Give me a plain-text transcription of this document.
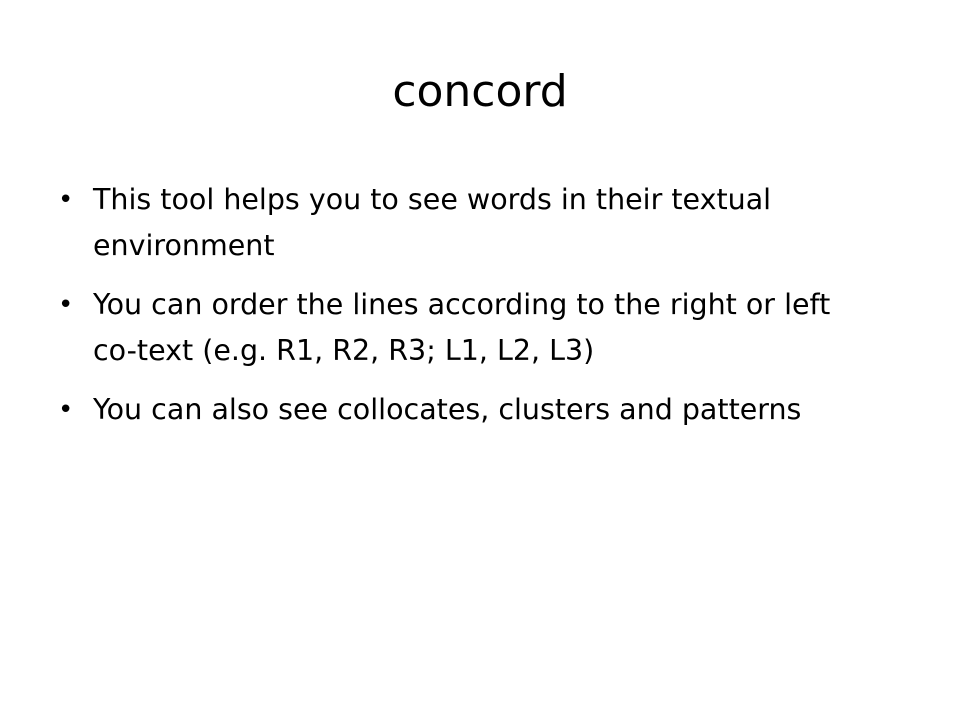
concord
• This tool helps you to see words in their textual environment
• You can order the lines according to the right or left co-text (e.g. R1, R2, R3; L1, L2, L3)
• You can also see collocates, clusters and patterns
